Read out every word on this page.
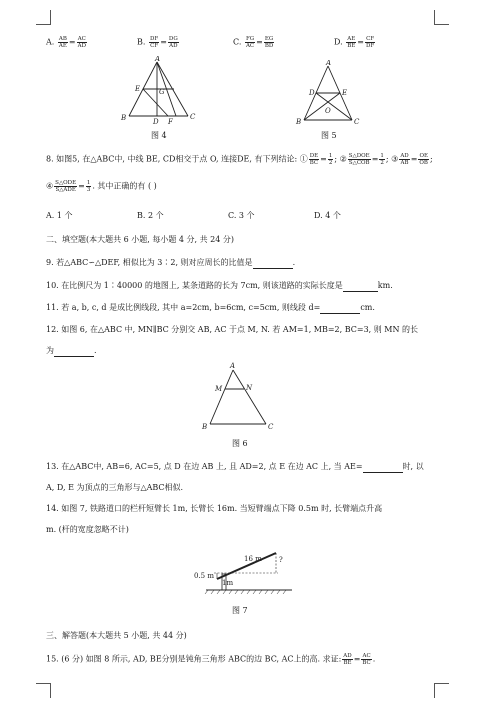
A. $\frac{AB}{AE} = \frac{AC}{AD}$	B. $\frac{DF}{CF} = \frac{DG}{AD}$	C. $\frac{FG}{AC} = \frac{EG}{BD}$	D. $\frac{AE}{BE} = \frac{CF}{DF}$
A
E	G
B	D F
C
图 4
A
D	E
O
B	C
图 5
8. 如图5, 在△ABC中, 中线 BE, CD相交于点 O, 连接DE, 有下列结论: ① $\frac{DE}{BC} = \frac{1}{2}$ ; ② $\frac{\text{S△DOE}}{\text{S△COB}} = \frac{1}{2}$ ; ③ $\frac{AD}{AB} = \frac{OE}{OB}$ ;
④ $\frac{\text{S△ODE}}{\text{S△ADE}} = \frac{1}{3}$ . 其中正确的有 ( )
A. 1 个	B. 2 个	C. 3 个	D. 4 个
二、填空题(本大题共 6 小题, 每小题 4 分, 共 24 分)
9. 若△ABC∽△DEF, 相似比为 3∶2, 则对应周长的比值是	.
10. 在比例尺为 1∶40000 的地图上, 某条道路的长为 7cm, 则该道路的实际长度是	km.
11. 若 a, b, c, d 是成比例线段, 其中 a=2cm, b=6cm, c=5cm, 则线段 d=	cm.
12. 如图 6, 在△ABC 中, MN∥BC 分别交 AB, AC 于点 M, N. 若 AM=1, MB=2, BC=3, 则 MN 的长
为	.
A
M	N
B	C
图 6
13. 在△ABC中, AB=6, AC=5, 点 D 在边 AB 上, 且 AD=2, 点 E 在边 AC 上, 当 AE=	时, 以
A, D, E 为顶点的三角形与△ABC相似.
14. 如图 7, 铁路道口的栏杆短臂长 1m, 长臂长 16m. 当短臂端点下降 0.5m 时, 长臂端点升高
m. (杆的宽度忽略不计)
0.5 m
1m
16 m ?
图 7
三、解答题(本大题共 5 小题, 共 44 分)
15. (6 分) 如图 8 所示, AD, BE分别是钝角三角形 ABC的边 BC, AC上的高. 求证: $\frac{AD}{BE} = \frac{AC}{BC}$ .
